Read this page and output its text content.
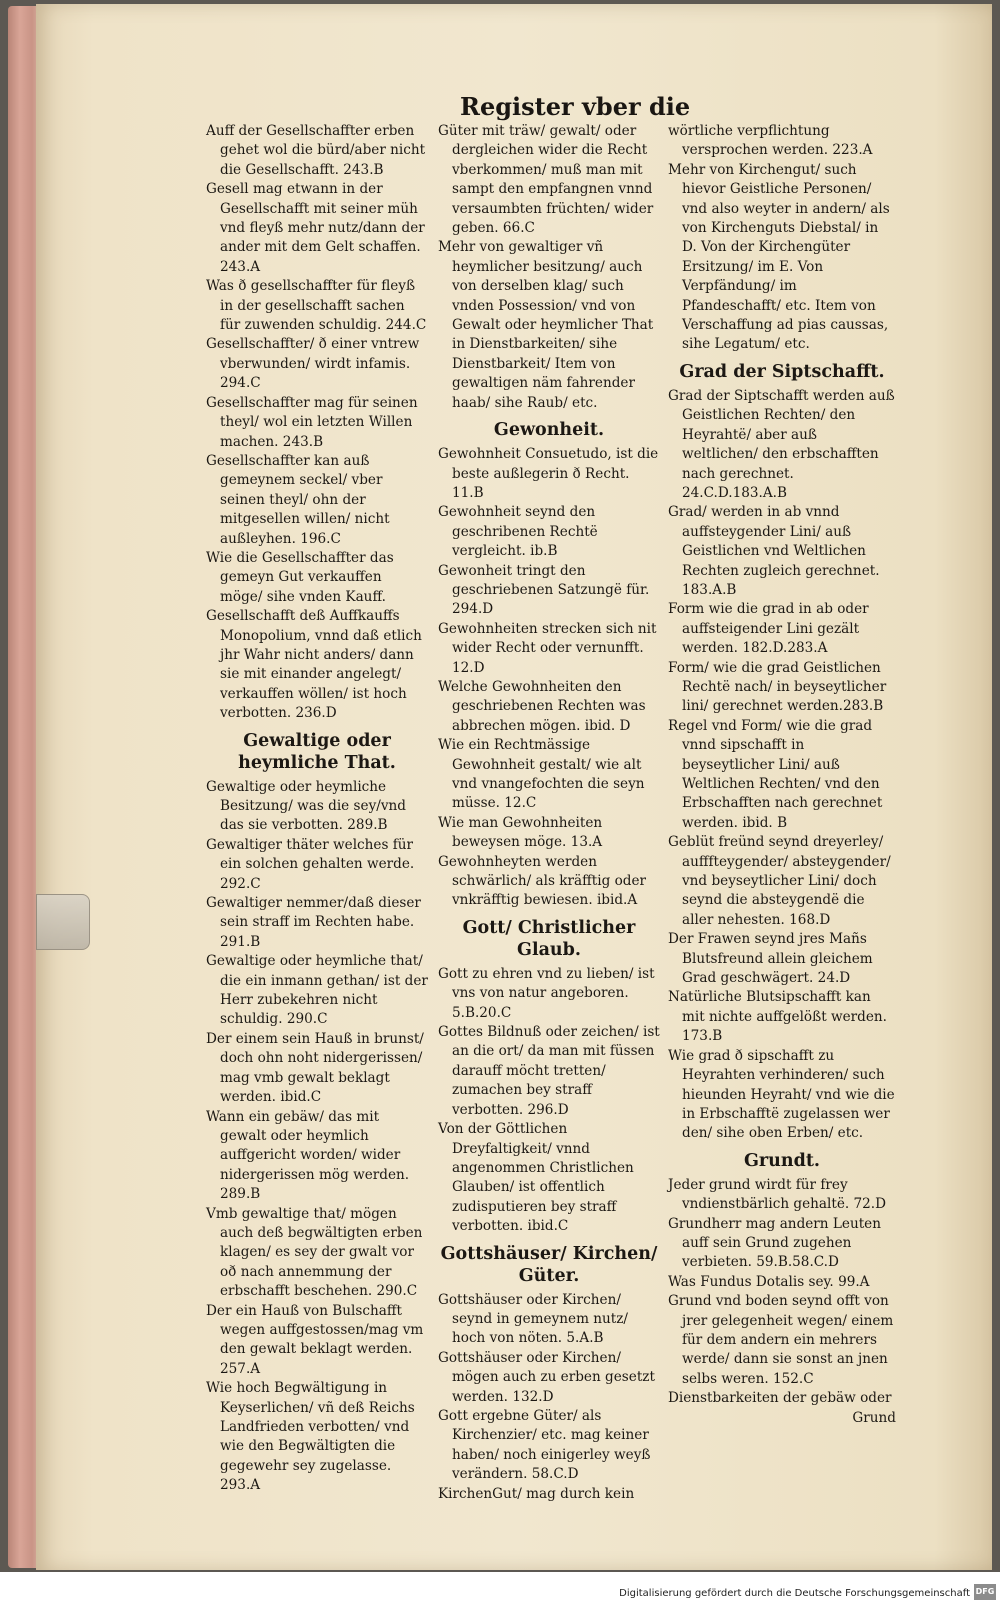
Register vber die

Auff der Gesellschaffter erben gehet wol die bürd/aber nicht die Gesellschafft. 243.B

Gesell mag etwann in der Gesellschafft mit seiner müh vnd fleyß mehr nutz/dann der ander mit dem Gelt schaffen. 243.A

Was ð gesellschaffter für fleyß in der gesellschafft sachen für zuwenden schuldig. 244.C

Gesellschaffter/ ð einer vntrew vberwunden/ wirdt infamis. 294.C

Gesellschaffter mag für seinen theyl/ wol ein letzten Willen machen. 243.B

Gesellschaffter kan auß gemeynem seckel/ vber seinen theyl/ ohn der mitgesellen willen/ nicht außleyhen. 196.C

Wie die Gesellschaffter das gemeyn Gut verkauffen möge/ sihe vnden Kauff.

Gesellschafft deß Auffkauffs Monopolium, vnnd daß etlich jhr Wahr nicht anders/ dann sie mit einander angelegt/ verkauffen wöllen/ ist hoch verbotten. 236.D

Gewaltige oder heymliche That.

Gewaltige oder heymliche Besitzung/ was die sey/vnd das sie verbotten. 289.B

Gewaltiger thäter welches für ein solchen gehalten werde. 292.C

Gewaltiger nemmer/daß dieser sein straff im Rechten habe. 291.B

Gewaltige oder heymliche that/ die ein inmann gethan/ ist der Herr zubekehren nicht schuldig. 290.C

Der einem sein Hauß in brunst/ doch ohn noht nidergerissen/ mag vmb gewalt beklagt werden. ibid.C

Wann ein gebäw/ das mit gewalt oder heymlich auffgericht worden/ wider nidergerissen mög werden. 289.B

Vmb gewaltige that/ mögen auch deß begwältigten erben klagen/ es sey der gwalt vor oð nach annemmung der erbschafft beschehen. 290.C

Der ein Hauß von Bulschafft wegen auffgestossen/mag vm den gewalt beklagt werden. 257.A

Wie hoch Begwältigung in Keyserlichen/ vñ deß Reichs Landfrieden verbotten/ vnd wie den Begwältigten die gegewehr sey zugelasse. 293.A

Güter mit träw/ gewalt/ oder dergleichen wider die Recht vberkommen/ muß man mit sampt den empfangnen vnnd versaumbten früchten/ wider geben. 66.C

Mehr von gewaltiger vñ heymlicher besitzung/ auch von derselben klag/ such vnden Possession/ vnd von Gewalt oder heymlicher That in Dienstbarkeiten/ sihe Dienstbarkeit/ Item von gewaltigen näm fahrender haab/ sihe Raub/ etc.

Gewonheit.

Gewohnheit Consuetudo, ist die beste außlegerin ð Recht. 11.B

Gewohnheit seynd den geschribenen Rechtë vergleicht. ib.B

Gewonheit tringt den geschriebenen Satzungë für. 294.D

Gewohnheiten strecken sich nit wider Recht oder vernunfft. 12.D

Welche Gewohnheiten den geschriebenen Rechten was abbrechen mögen. ibid. D

Wie ein Rechtmässige Gewohnheit gestalt/ wie alt vnd vnangefochten die seyn müsse. 12.C

Wie man Gewohnheiten beweysen möge. 13.A

Gewohnheyten werden schwärlich/ als kräfftig oder vnkräfftig bewiesen. ibid.A

Gott/ Christlicher Glaub.

Gott zu ehren vnd zu lieben/ ist vns von natur angeboren. 5.B.20.C

Gottes Bildnuß oder zeichen/ ist an die ort/ da man mit füssen darauff möcht tretten/ zumachen bey straff verbotten. 296.D

Von der Göttlichen Dreyfaltigkeit/ vnnd angenommen Christlichen Glauben/ ist offentlich zudisputieren bey straff verbotten. ibid.C

Gottshäuser/ Kirchen/ Güter.

Gottshäuser oder Kirchen/ seynd in gemeynem nutz/ hoch von nöten. 5.A.B

Gottshäuser oder Kirchen/ mögen auch zu erben gesetzt werden. 132.D

Gott ergebne Güter/ als Kirchenzier/ etc. mag keiner haben/ noch einigerley weyß verändern. 58.C.D

KirchenGut/ mag durch kein

wörtliche verpflichtung versprochen werden. 223.A

Mehr von Kirchengut/ such hievor Geistliche Personen/ vnd also weyter in andern/ als von Kirchenguts Diebstal/ in D. Von der Kirchengüter Ersitzung/ im E. Von Verpfändung/ im Pfandeschafft/ etc. Item von Verschaffung ad pias caussas, sihe Legatum/ etc.

Grad der Siptschafft.

Grad der Siptschafft werden auß Geistlichen Rechten/ den Heyrahtë/ aber auß weltlichen/ den erbschafften nach gerechnet. 24.C.D.183.A.B

Grad/ werden in ab vnnd auffsteygender Lini/ auß Geistlichen vnd Weltlichen Rechten zugleich gerechnet. 183.A.B

Form wie die grad in ab oder auffsteigender Lini gezält werden. 182.D.283.A

Form/ wie die grad Geistlichen Rechtë nach/ in beyseytlicher lini/ gerechnet werden.283.B

Regel vnd Form/ wie die grad vnnd sipschafft in beyseytlicher Lini/ auß Weltlichen Rechten/ vnd den Erbschafften nach gerechnet werden. ibid. B

Geblüt freünd seynd dreyerley/ aufffteygender/ absteygender/ vnd beyseytlicher Lini/ doch seynd die absteygendë die aller nehesten. 168.D

Der Frawen seynd jres Mañs Blutsfreund allein gleichem Grad geschwägert. 24.D

Natürliche Blutsipschafft kan mit nichte auffgelößt werden. 173.B

Wie grad ð sipschafft zu Heyrahten verhinderen/ such hieunden Heyraht/ vnd wie die in Erbschafftë zugelassen wer den/ sihe oben Erben/ etc.

Grundt.

Jeder grund wirdt für frey vndienstbärlich gehaltë. 72.D

Grundherr mag andern Leuten auff sein Grund zugehen verbieten. 59.B.58.C.D

Was Fundus Dotalis sey. 99.A

Grund vnd boden seynd offt von jrer gelegenheit wegen/ einem für dem andern ein mehrers werde/ dann sie sonst an jnen selbs weren. 152.C

Dienstbarkeiten der gebäw oder

Grund

Digitalisierung gefördert durch die Deutsche Forschungsgemeinschaft DFG
